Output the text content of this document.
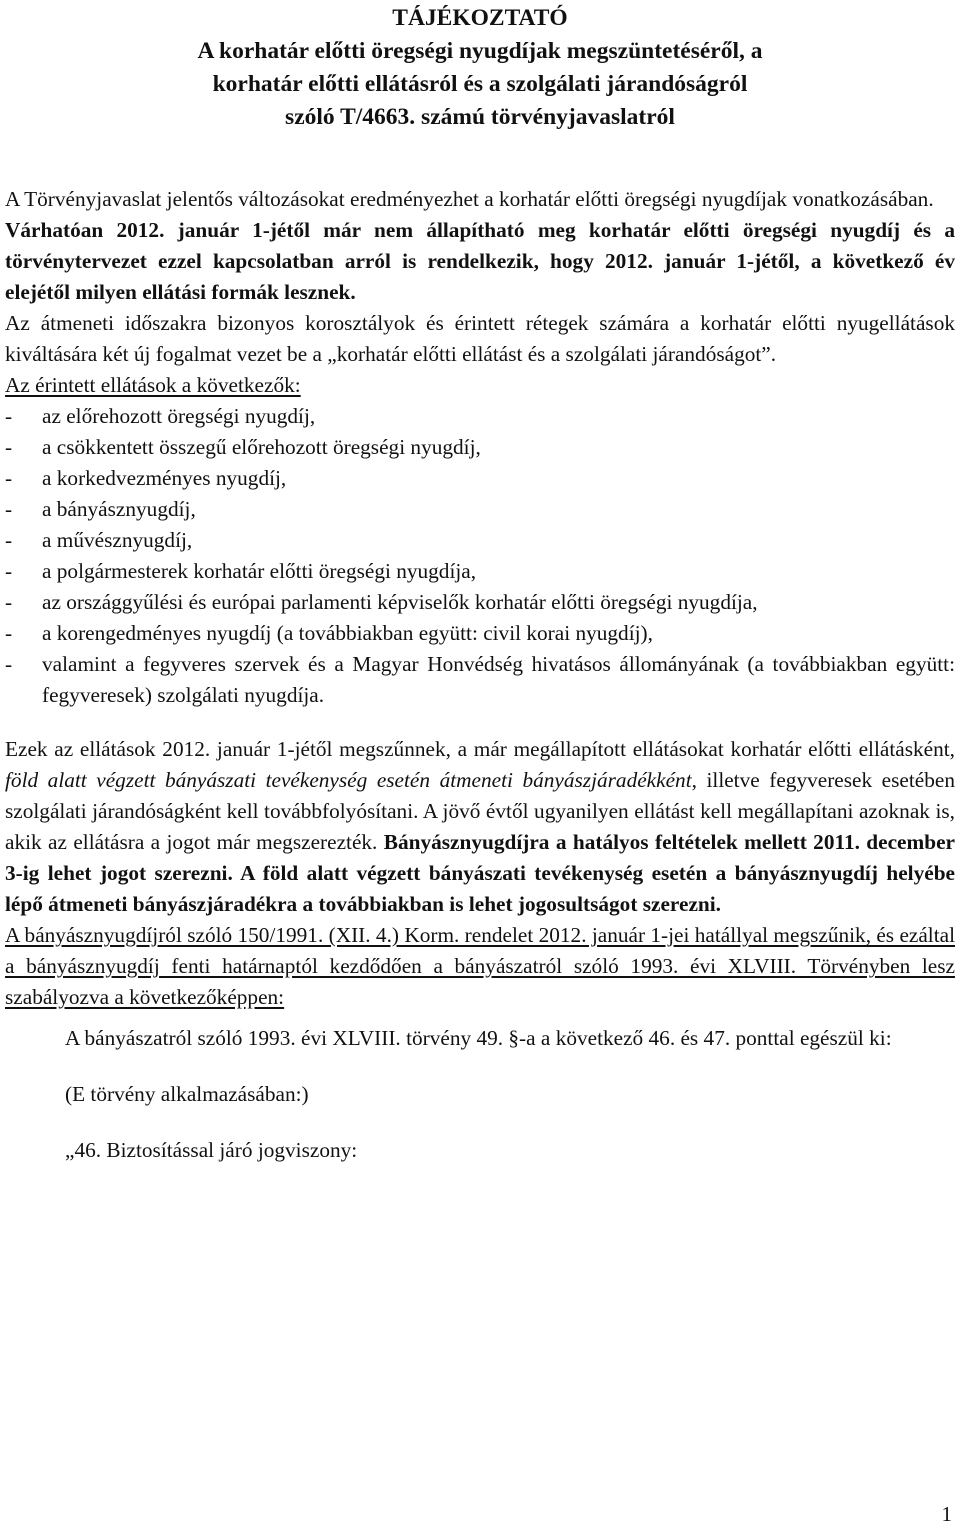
TÁJÉKOZTATÓ
A korhatár előtti öregségi nyugdíjak megszüntetéséről, a
korhatár előtti ellátásról és a szolgálati járandóságról
szóló T/4663. számú törvényjavaslatról

A Törvényjavaslat jelentős változásokat eredményezhet a korhatár előtti öregségi nyugdíjak vonatkozásában.

Várhatóan 2012. január 1-jétől már nem állapítható meg korhatár előtti öregségi nyugdíj és a törvénytervezet ezzel kapcsolatban arról is rendelkezik, hogy 2012. január 1-jétől, a következő év elejétől milyen ellátási formák lesznek.

Az átmeneti időszakra bizonyos korosztályok és érintett rétegek számára a korhatár előtti nyugellátások kiváltására két új fogalmat vezet be a „korhatár előtti ellátást és a szolgálati járandóságot”.

Az érintett ellátások a következők:

-	az előrehozott öregségi nyugdíj,
-	a csökkentett összegű előrehozott öregségi nyugdíj,
-	a korkedvezményes nyugdíj,
-	a bányásznyugdíj,
-	a művésznyugdíj,
-	a polgármesterek korhatár előtti öregségi nyugdíja,
-	az országgyűlési és európai parlamenti képviselők korhatár előtti öregségi nyugdíja,
-	a korengedményes nyugdíj (a továbbiakban együtt: civil korai nyugdíj),
-	valamint a fegyveres szervek és a Magyar Honvédség hivatásos állományának (a továbbiakban együtt: fegyveresek) szolgálati nyugdíja.

Ezek az ellátások 2012. január 1-jétől megszűnnek, a már megállapított ellátásokat korhatár előtti ellátásként, föld alatt végzett bányászati tevékenység esetén átmeneti bányászjáradékként, illetve fegyveresek esetében szolgálati járandóságként kell továbbfolyósítani. A jövő évtől ugyanilyen ellátást kell megállapítani azoknak is, akik az ellátásra a jogot már megszerezték. Bányásznyugdíjra a hatályos feltételek mellett 2011. december 3-ig lehet jogot szerezni. A föld alatt végzett bányászati tevékenység esetén a bányásznyugdíj helyébe lépő átmeneti bányászjáradékra a továbbiakban is lehet jogosultságot szerezni.

A bányásznyugdíjról szóló 150/1991. (XII. 4.) Korm. rendelet 2012. január 1-jei hatállyal megszűnik, és ezáltal a bányásznyugdíj fenti határnaptól kezdődően a bányászatról szóló 1993. évi XLVIII. Törvényben lesz szabályozva a következőképpen:

A bányászatról szóló 1993. évi XLVIII. törvény 49. §-a a következő 46. és 47. ponttal egészül ki:

(E törvény alkalmazásában:)

„46. Biztosítással járó jogviszony:

1
